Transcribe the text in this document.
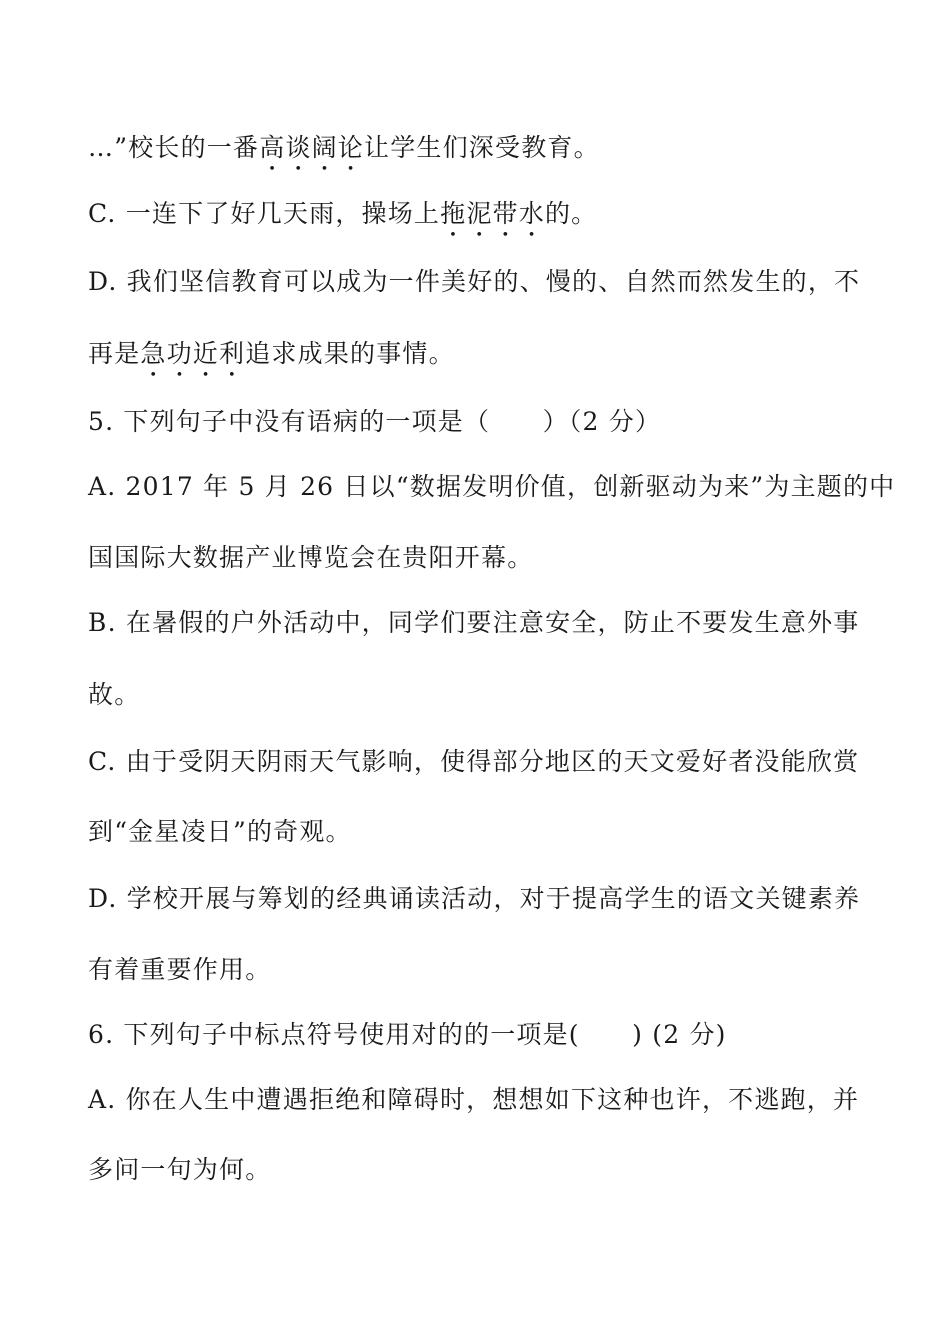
…”校长的一番高谈阔论让学生们深受教育。
C. 一连下了好几天雨，操场上拖泥带水的。
D. 我们坚信教育可以成为一件美好的、慢的、自然而然发生的，不
再是急功近利追求成果的事情。
5. 下列句子中没有语病的一项是（　　）（2 分）
A. 2017 年 5 月 26 日以“数据发明价值，创新驱动为来”为主题的中
国国际大数据产业博览会在贵阳开幕。
B. 在暑假的户外活动中，同学们要注意安全，防止不要发生意外事
故。
C. 由于受阴天阴雨天气影响，使得部分地区的天文爱好者没能欣赏
到“金星凌日”的奇观。
D. 学校开展与筹划的经典诵读活动，对于提高学生的语文关键素养
有着重要作用。
6. 下列句子中标点符号使用对的的一项是(　　) (2 分)
A. 你在人生中遭遇拒绝和障碍时，想想如下这种也许，不逃跑，并
多问一句为何。
